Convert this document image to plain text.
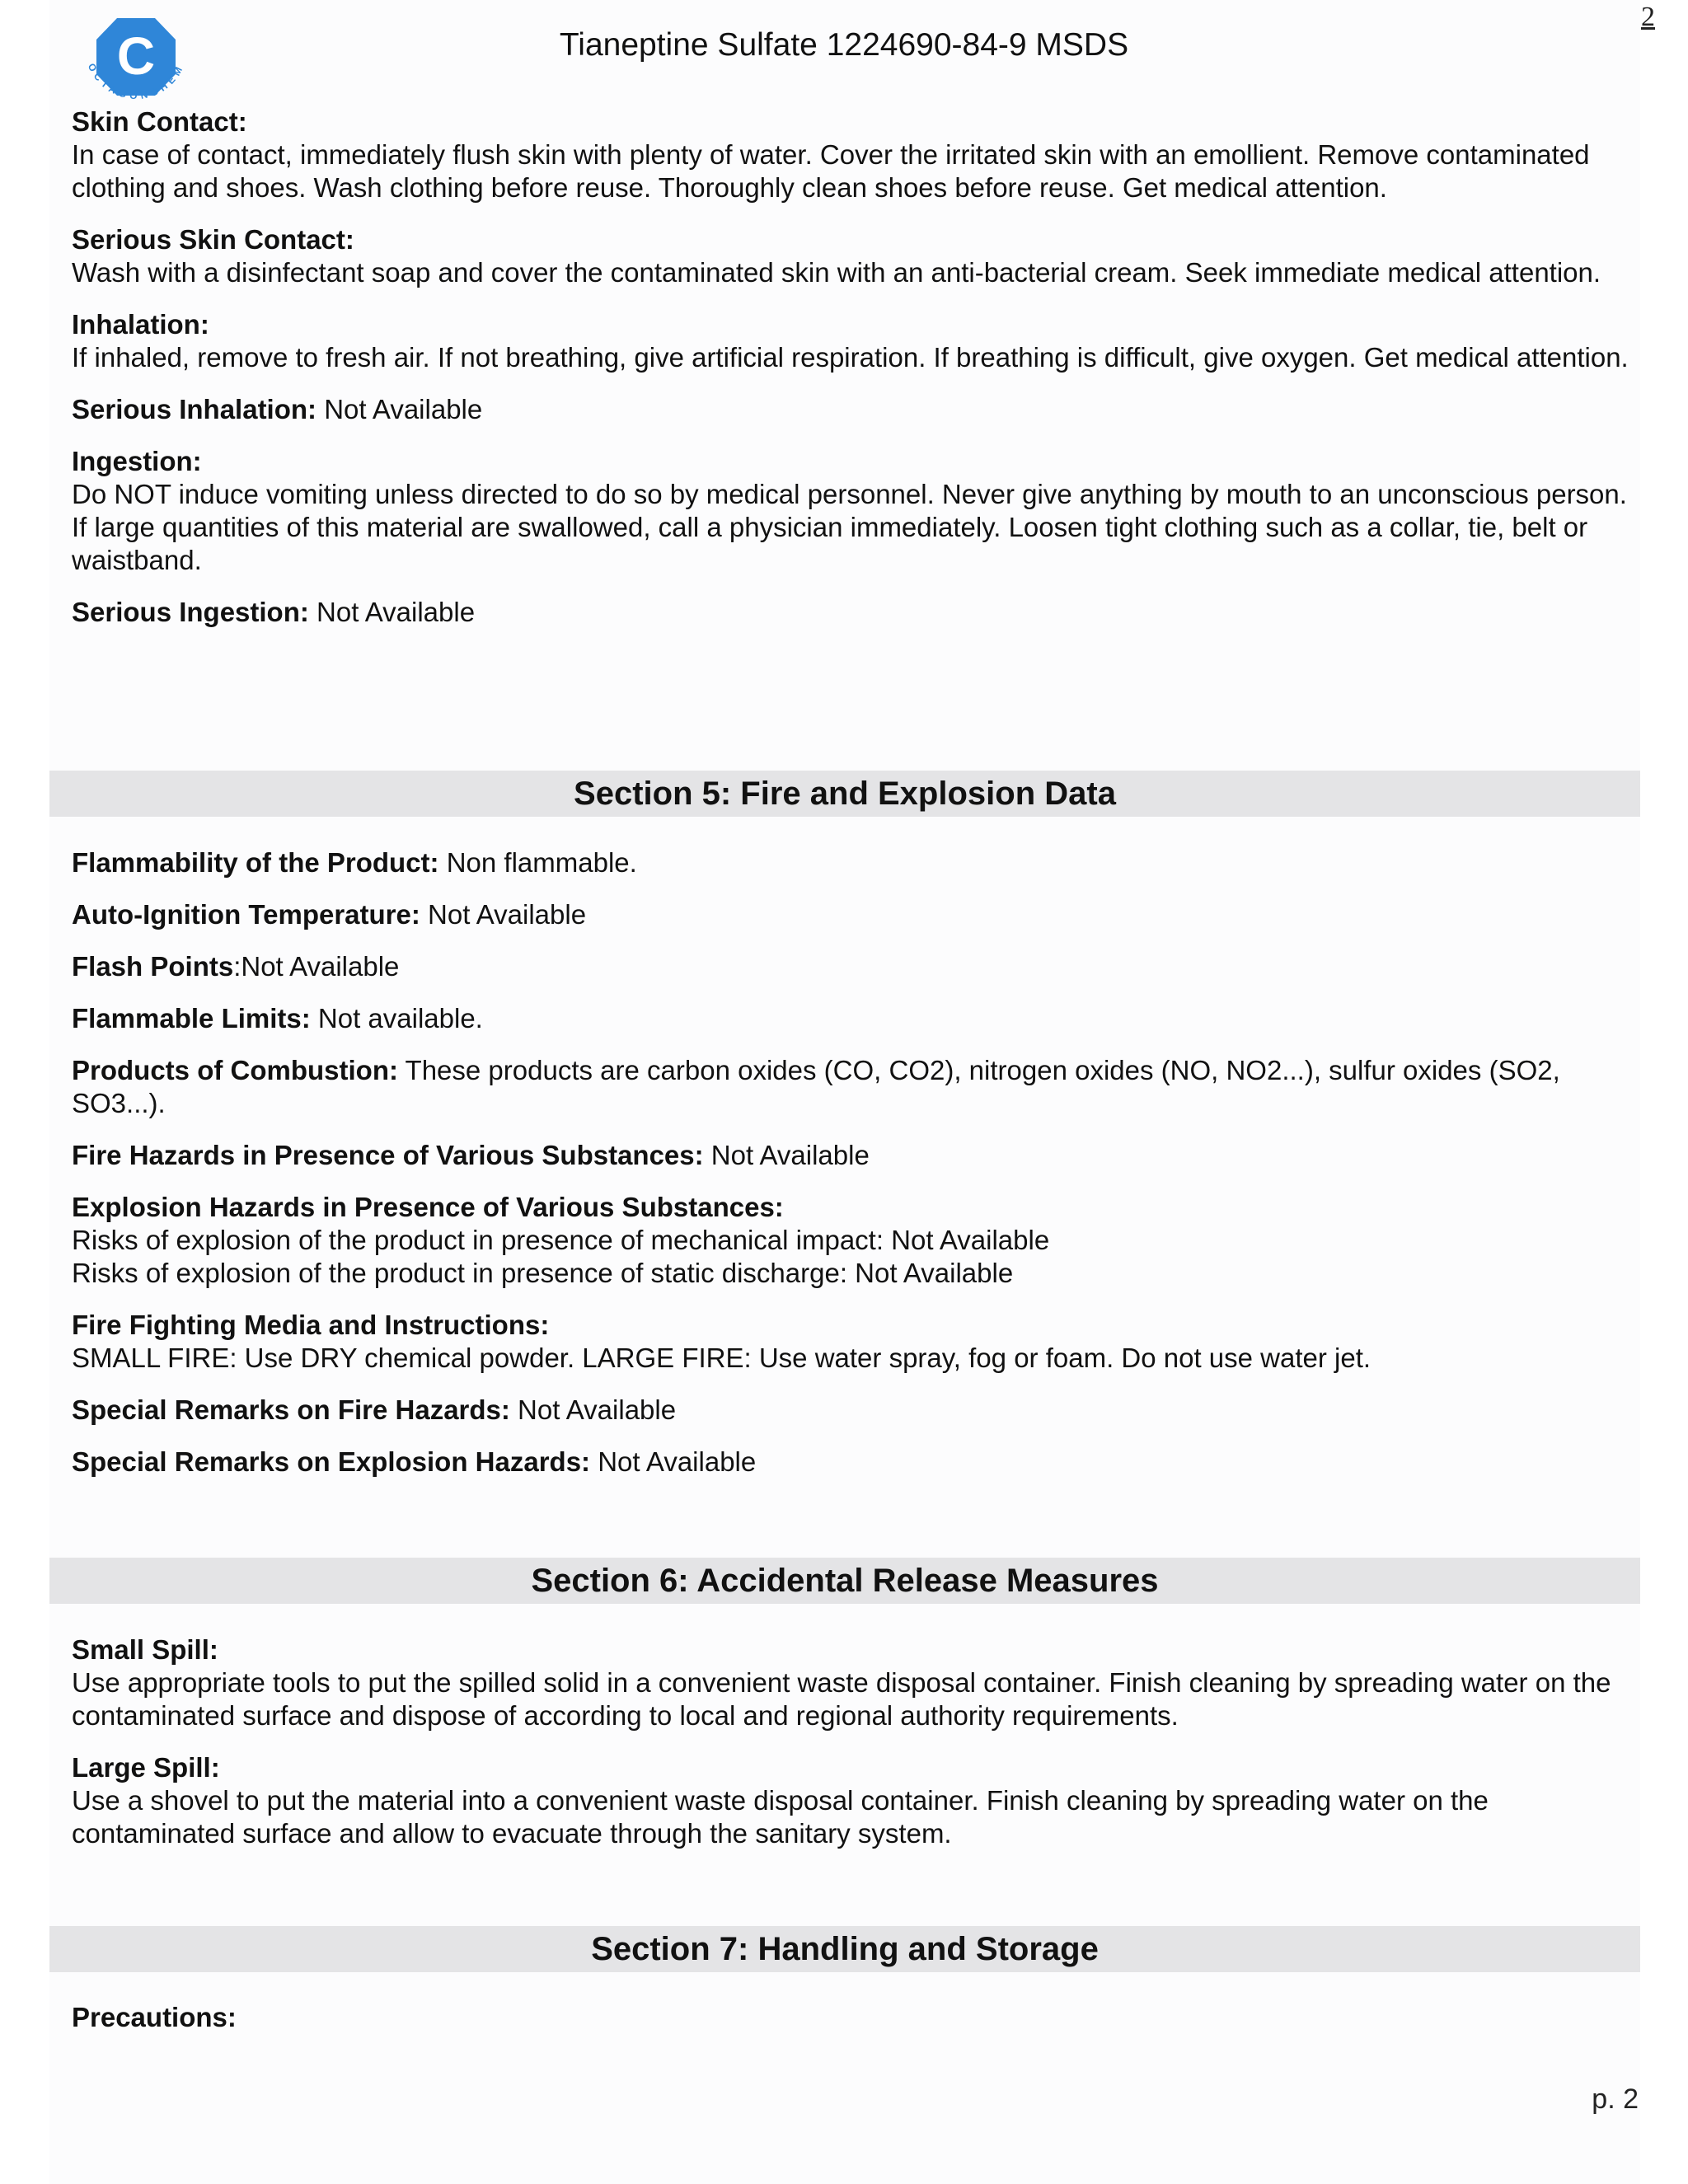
C
OCTAGONCHEM
Tianeptine Sulfate 1224690-84-9 MSDS
2

Skin Contact:
In case of contact, immediately flush skin with plenty of water. Cover the irritated skin with an emollient. Remove contaminated clothing and shoes. Wash clothing before reuse. Thoroughly clean shoes before reuse. Get medical attention.

Serious Skin Contact:
Wash with a disinfectant soap and cover the contaminated skin with an anti-bacterial cream. Seek immediate medical attention.

Inhalation:
If inhaled, remove to fresh air. If not breathing, give artificial respiration. If breathing is difficult, give oxygen. Get medical attention.

Serious Inhalation: Not Available

Ingestion:
Do NOT induce vomiting unless directed to do so by medical personnel. Never give anything by mouth to an unconscious person. If large quantities of this material are swallowed, call a physician immediately. Loosen tight clothing such as a collar, tie, belt or waistband.

Serious Ingestion: Not Available

Section 5: Fire and Explosion Data

Flammability of the Product: Non flammable.

Auto-Ignition Temperature: Not Available

Flash Points:Not Available

Flammable Limits: Not available.

Products of Combustion: These products are carbon oxides (CO, CO2), nitrogen oxides (NO, NO2...), sulfur oxides (SO2, SO3...).

Fire Hazards in Presence of Various Substances: Not Available

Explosion Hazards in Presence of Various Substances:
Risks of explosion of the product in presence of mechanical impact: Not Available
Risks of explosion of the product in presence of static discharge: Not Available

Fire Fighting Media and Instructions:
SMALL FIRE: Use DRY chemical powder. LARGE FIRE: Use water spray, fog or foam. Do not use water jet.

Special Remarks on Fire Hazards: Not Available

Special Remarks on Explosion Hazards: Not Available

Section 6: Accidental Release Measures

Small Spill:
Use appropriate tools to put the spilled solid in a convenient waste disposal container. Finish cleaning by spreading water on the contaminated surface and dispose of according to local and regional authority requirements.

Large Spill:
Use a shovel to put the material into a convenient waste disposal container. Finish cleaning by spreading water on the contaminated surface and allow to evacuate through the sanitary system.

Section 7: Handling and Storage

Precautions:

p. 2
